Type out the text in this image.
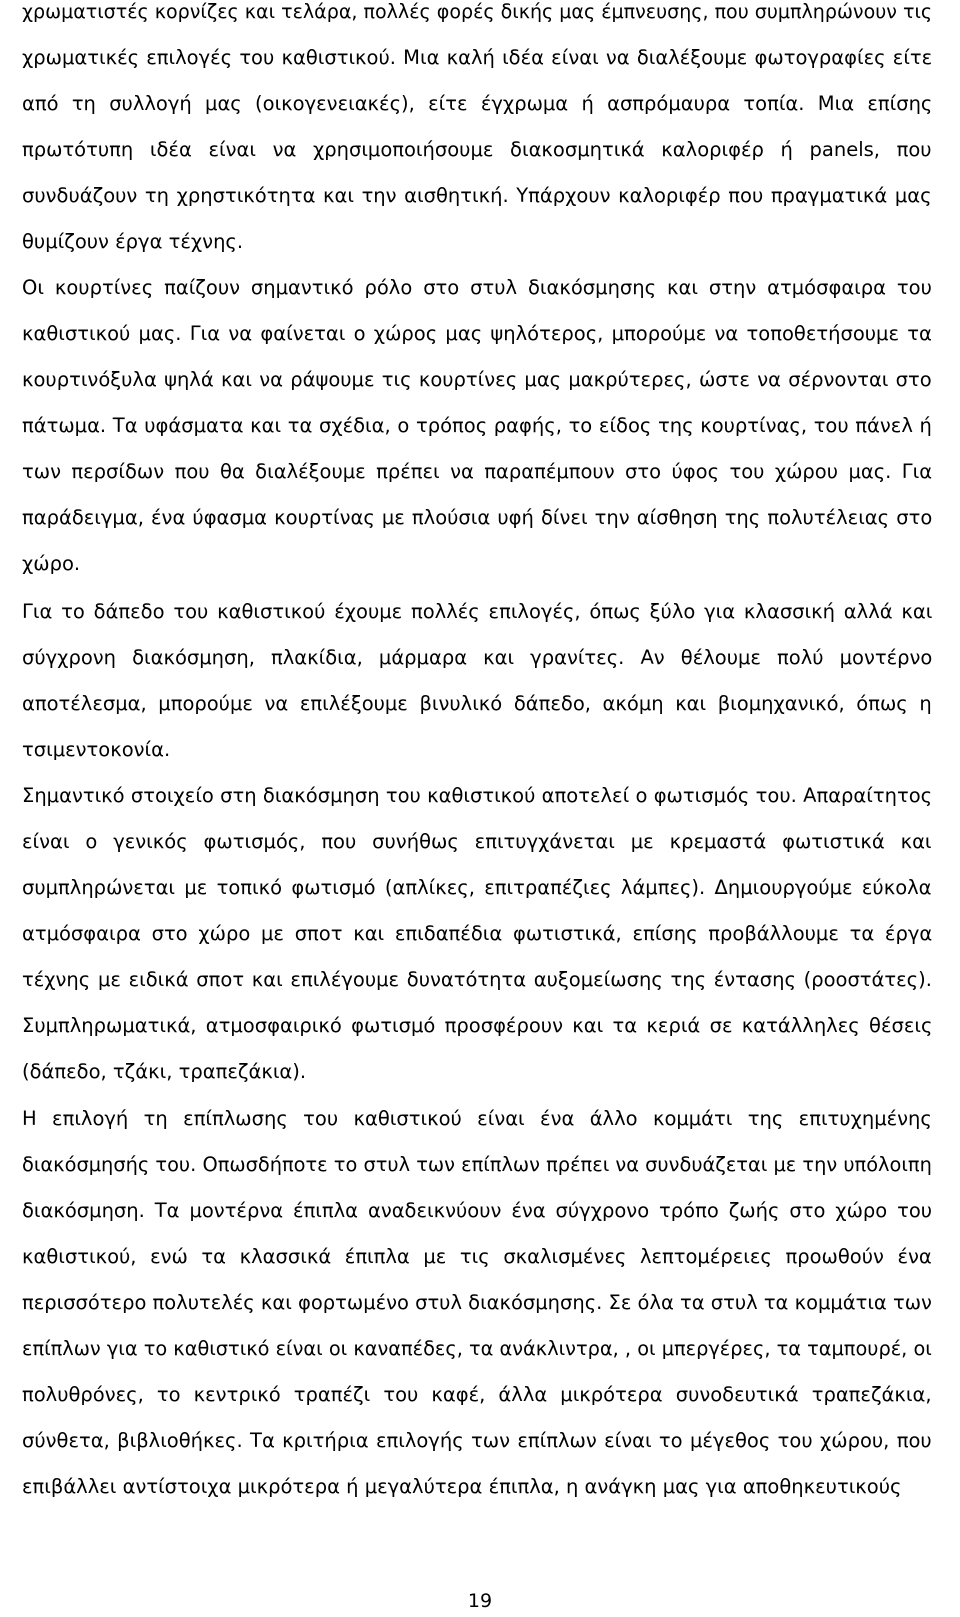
χρωματιστές κορνίζες και τελάρα, πολλές φορές δικής μας έμπνευσης, που συμπληρώνουν τις
χρωματικές επιλογές του καθιστικού. Μια καλή ιδέα είναι να διαλέξουμε φωτογραφίες είτε
από τη συλλογή μας (οικογενειακές), είτε έγχρωμα ή ασπρόμαυρα τοπία. Μια επίσης
πρωτότυπη ιδέα είναι να χρησιμοποιήσουμε διακοσμητικά καλοριφέρ ή panels, που
συνδυάζουν τη χρηστικότητα και την αισθητική. Υπάρχουν καλοριφέρ που πραγματικά μας
θυμίζουν έργα τέχνης.
Οι κουρτίνες παίζουν σημαντικό ρόλο στο στυλ διακόσμησης και στην ατμόσφαιρα του
καθιστικού μας. Για να φαίνεται ο χώρος μας ψηλότερος, μπορούμε να τοποθετήσουμε τα
κουρτινόξυλα ψηλά και να ράψουμε τις κουρτίνες μας μακρύτερες, ώστε να σέρνονται στο
πάτωμα. Τα υφάσματα και τα σχέδια, ο τρόπος ραφής, το είδος της κουρτίνας, του πάνελ ή
των περσίδων που θα διαλέξουμε πρέπει να παραπέμπουν στο ύφος του χώρου μας. Για
παράδειγμα, ένα ύφασμα κουρτίνας με πλούσια υφή δίνει την αίσθηση της πολυτέλειας στο
χώρο.
Για το δάπεδο του καθιστικού έχουμε πολλές επιλογές, όπως ξύλο για κλασσική αλλά και
σύγχρονη διακόσμηση, πλακίδια, μάρμαρα και γρανίτες. Αν θέλουμε πολύ μοντέρνο
αποτέλεσμα, μπορούμε να επιλέξουμε βινυλικό δάπεδο, ακόμη και βιομηχανικό, όπως η
τσιμεντοκονία.
Σημαντικό στοιχείο στη διακόσμηση του καθιστικού αποτελεί ο φωτισμός του. Απαραίτητος
είναι ο γενικός φωτισμός, που συνήθως επιτυγχάνεται με κρεμαστά φωτιστικά και
συμπληρώνεται με τοπικό φωτισμό (απλίκες, επιτραπέζιες λάμπες). Δημιουργούμε εύκολα
ατμόσφαιρα στο χώρο με σποτ και επιδαπέδια φωτιστικά, επίσης προβάλλουμε τα έργα
τέχνης με ειδικά σποτ και επιλέγουμε δυνατότητα αυξομείωσης της έντασης (ροοστάτες).
Συμπληρωματικά, ατμοσφαιρικό φωτισμό προσφέρουν και τα κεριά σε κατάλληλες θέσεις
(δάπεδο, τζάκι, τραπεζάκια).
Η επιλογή τη επίπλωσης του καθιστικού είναι ένα άλλο κομμάτι της επιτυχημένης
διακόσμησής του. Οπωσδήποτε το στυλ των επίπλων πρέπει να συνδυάζεται με την υπόλοιπη
διακόσμηση. Τα μοντέρνα έπιπλα αναδεικνύουν ένα σύγχρονο τρόπο ζωής στο χώρο του
καθιστικού, ενώ τα κλασσικά έπιπλα με τις σκαλισμένες λεπτομέρειες προωθούν ένα
περισσότερο πολυτελές και φορτωμένο στυλ διακόσμησης. Σε όλα τα στυλ τα κομμάτια των
επίπλων για το καθιστικό είναι οι καναπέδες, τα ανάκλιντρα, , οι μπεργέρες, τα ταμπουρέ, οι
πολυθρόνες, το κεντρικό τραπέζι του καφέ, άλλα μικρότερα συνοδευτικά τραπεζάκια,
σύνθετα, βιβλιοθήκες. Τα κριτήρια επιλογής των επίπλων είναι το μέγεθος του χώρου, που
επιβάλλει αντίστοιχα μικρότερα ή μεγαλύτερα έπιπλα, η ανάγκη μας για αποθηκευτικούς
19
